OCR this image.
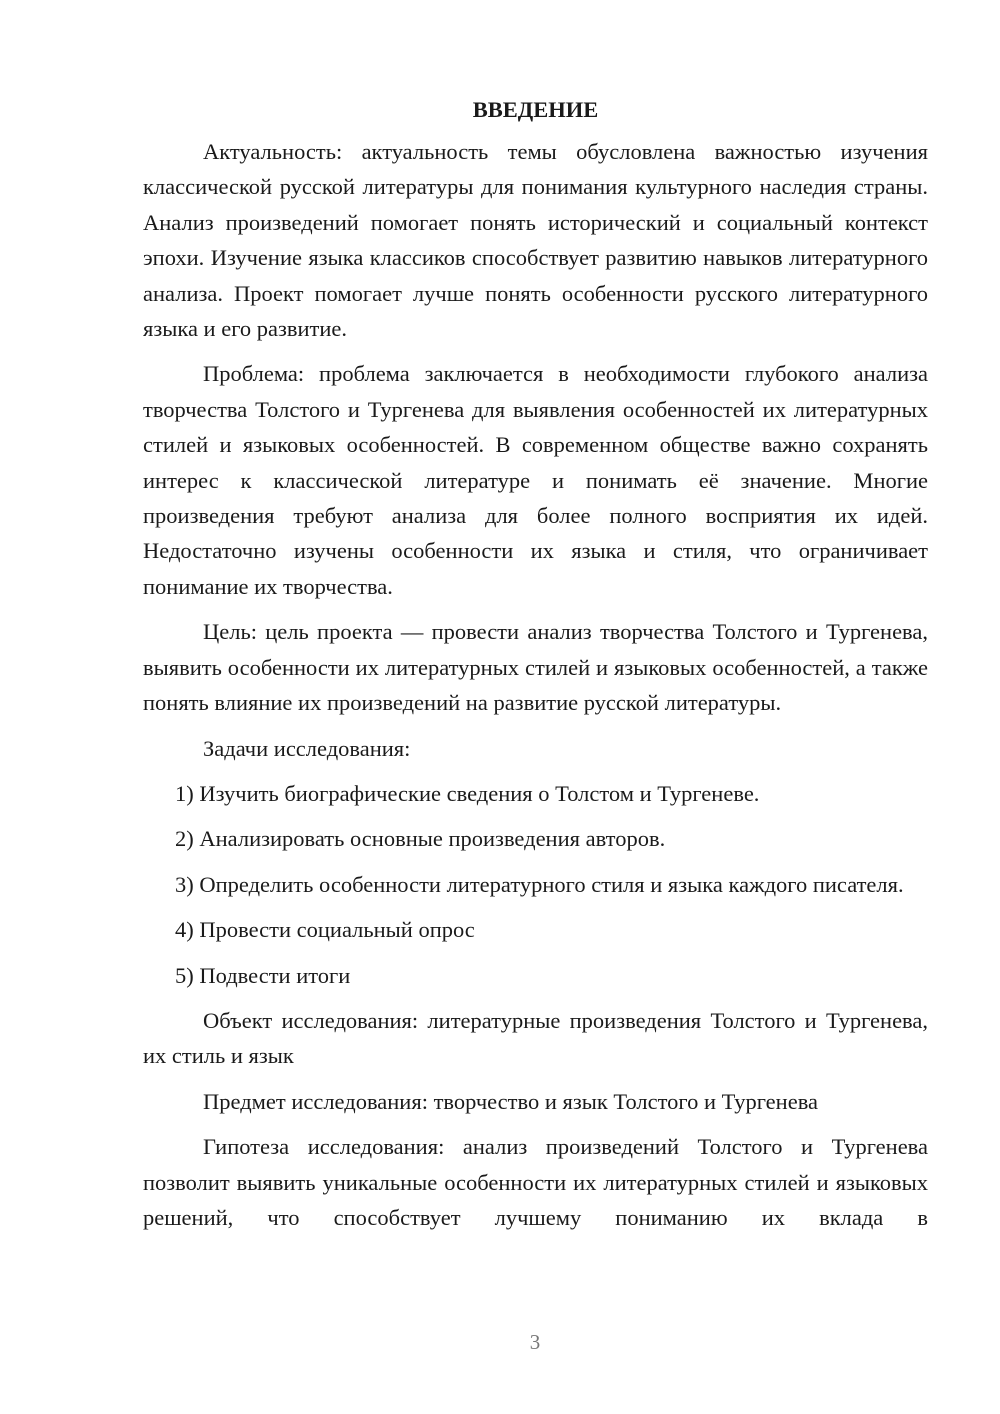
ВВЕДЕНИЕ

Актуальность: актуальность темы обусловлена важностью изучения классической русской литературы для понимания культурного наследия страны. Анализ произведений помогает понять исторический и социальный контекст эпохи. Изучение языка классиков способствует развитию навыков литературного анализа. Проект помогает лучше понять особенности русского литературного языка и его развитие.

Проблема: проблема заключается в необходимости глубокого анализа творчества Толстого и Тургенева для выявления особенностей их литературных стилей и языковых особенностей. В современном обществе важно сохранять интерес к классической литературе и понимать её значение. Многие произведения требуют анализа для более полного восприятия их идей. Недостаточно изучены особенности их языка и стиля, что ограничивает понимание их творчества.

Цель: цель проекта — провести анализ творчества Толстого и Тургенева, выявить особенности их литературных стилей и языковых особенностей, а также понять влияние их произведений на развитие русской литературы.

Задачи исследования:

1) Изучить биографические сведения о Толстом и Тургеневе.

2) Анализировать основные произведения авторов.

3) Определить особенности литературного стиля и языка каждого писателя.

4) Провести социальный опрос

5) Подвести итоги

Объект исследования: литературные произведения Толстого и Тургенева, их стиль и язык

Предмет исследования: творчество и язык Толстого и Тургенева

Гипотеза исследования: анализ произведений Толстого и Тургенева позволит выявить уникальные особенности их литературных стилей и языковых решений, что способствует лучшему пониманию их вклада в

3
